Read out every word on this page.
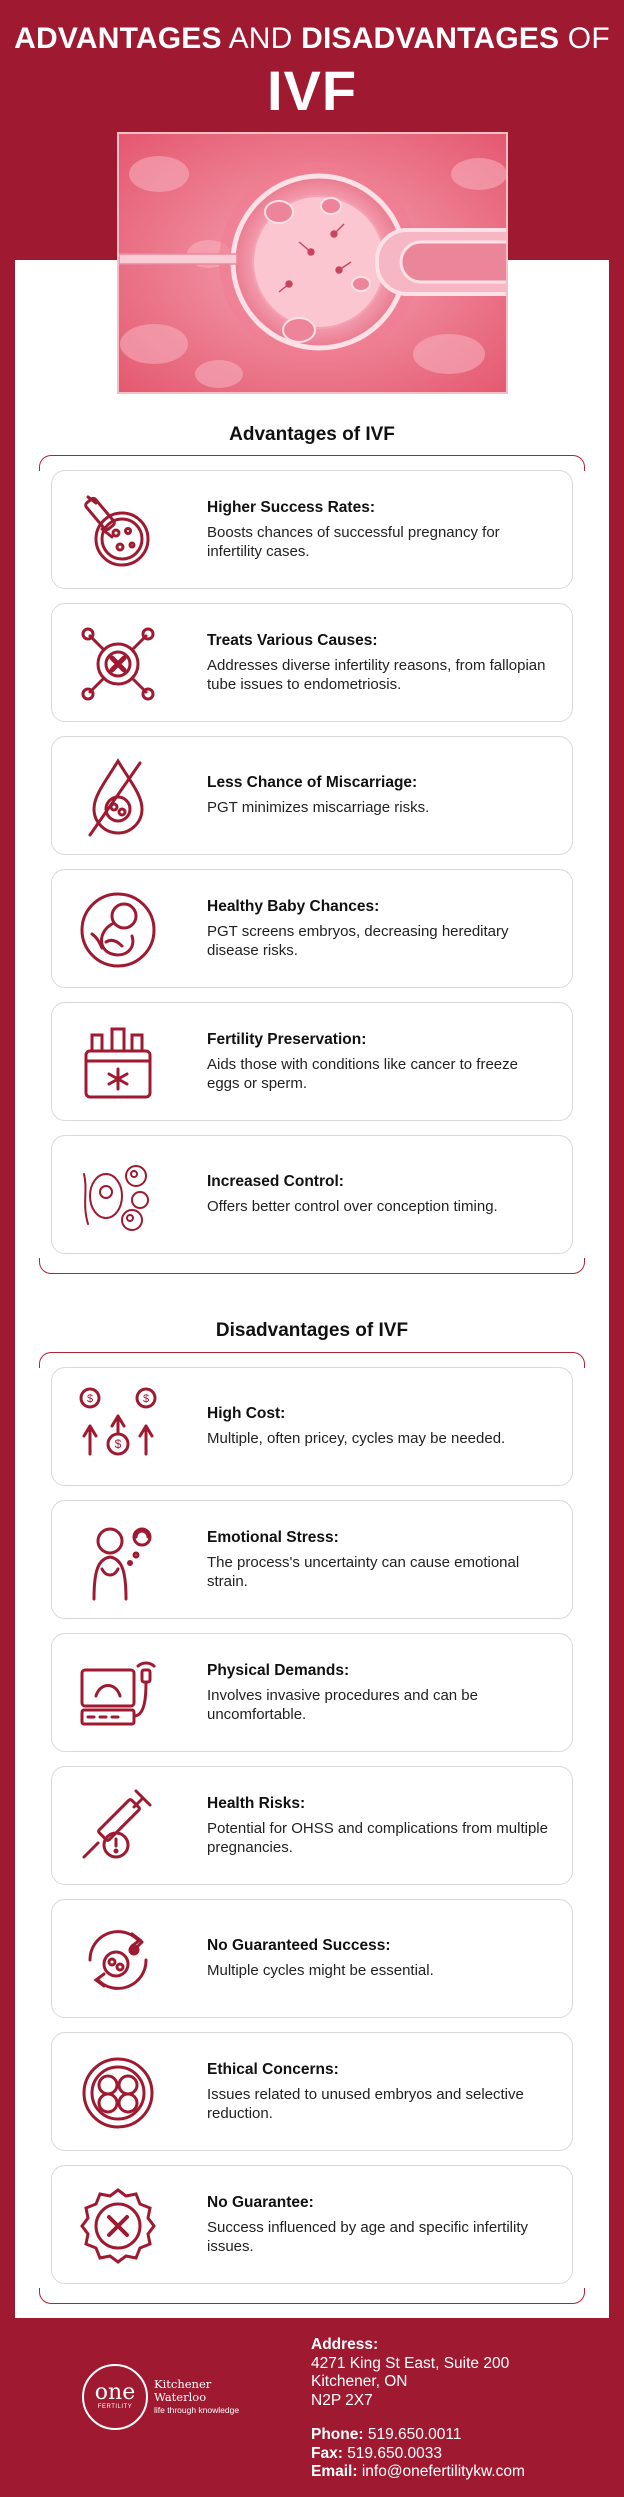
ADVANTAGES AND DISADVANTAGES OF
IVF
Advantages of IVF
Higher Success Rates:
Boosts chances of successful pregnancy for infertility cases.
Treats Various Causes:
Addresses diverse infertility reasons, from fallopian tube issues to endometriosis.
Less Chance of Miscarriage:
PGT minimizes miscarriage risks.
Healthy Baby Chances:
PGT screens embryos, decreasing hereditary disease risks.
Fertility Preservation:
Aids those with conditions like cancer to freeze eggs or sperm.
Increased Control:
Offers better control over conception timing.
Disadvantages of IVF
$	$
$
High Cost:
Multiple, often pricey, cycles may be needed.
Emotional Stress:
The process's uncertainty can cause emotional strain.
Physical Demands:
Involves invasive procedures and can be uncomfortable.
Health Risks:
Potential for OHSS and complications from multiple pregnancies.
No Guaranteed Success:
Multiple cycles might be essential.
Ethical Concerns:
Issues related to unused embryos and selective reduction.
No Guarantee:
Success influenced by age and specific infertility issues.
one
FERTILITY
Kitchener
Waterloo
life through knowledge
Address:
4271 King St East, Suite 200
Kitchener, ON
N2P 2X7
Phone: 519.650.0011
Fax: 519.650.0033
Email: info@onefertilitykw.com
